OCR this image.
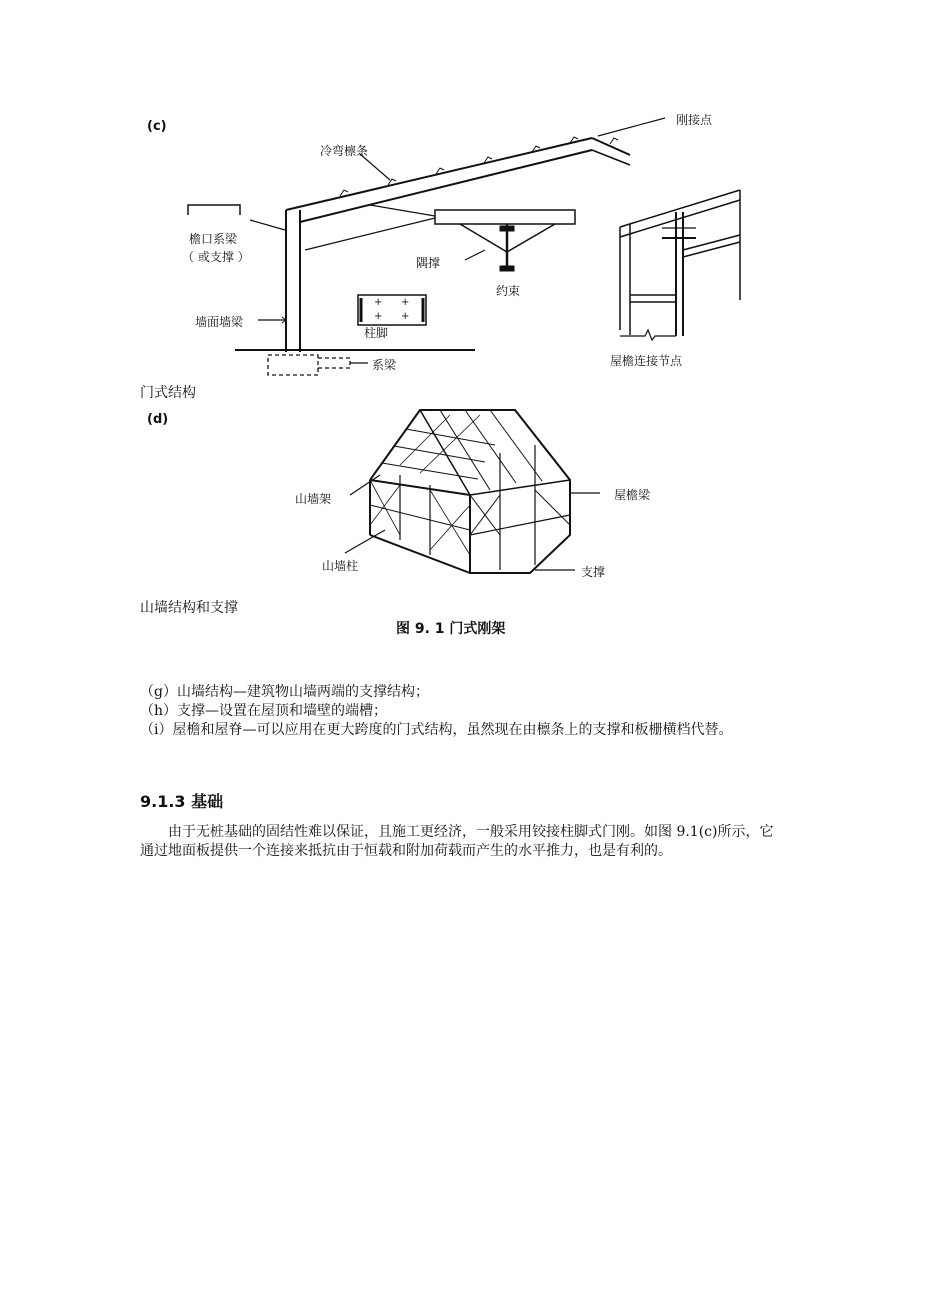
+ +
+ +
(c)	刚接点
冷弯檩条
檐口系梁
（ 或支撑 ）	隅撑
约束
柱脚
墙面墙梁
系梁	屋檐连接节点
门式结构
(d)
山墙架	屋檐梁
山墙柱	支撑
山墙结构和支撑
图 9. 1 门式刚架
（g）山墙结构—建筑物山墙两端的支撑结构；
（h）支撑—设置在屋顶和墙壁的端槽；
（i）屋檐和屋脊—可以应用在更大跨度的门式结构，虽然现在由檩条上的支撑和板栅横档代替。
9.1.3 基础
由于无桩基础的固结性难以保证，且施工更经济，一般采用铰接柱脚式门刚。如图 9.1(c)所示，它通过地面板提供一个连接来抵抗由于恒载和附加荷载而产生的水平推力，也是有利的。
